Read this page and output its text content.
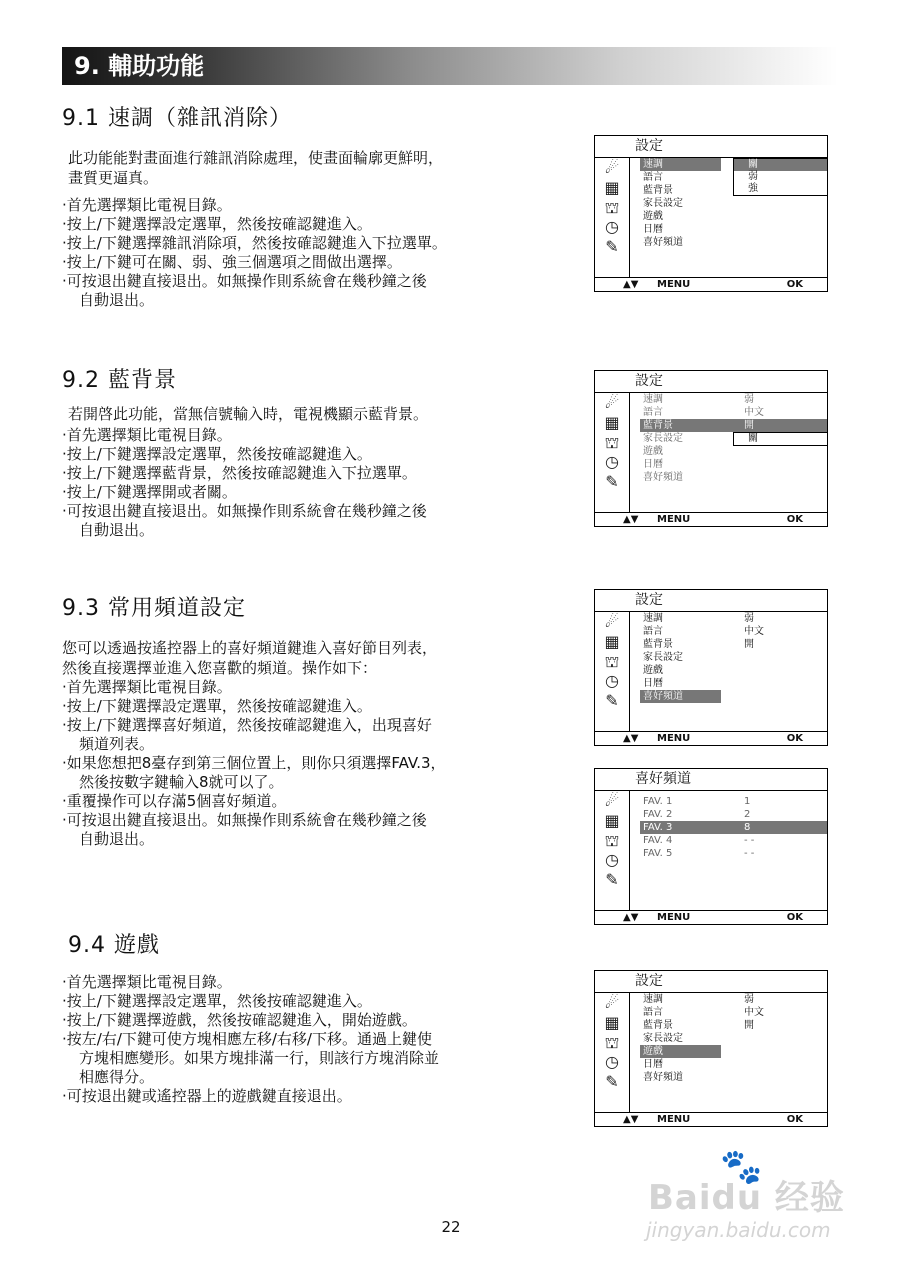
9. 輔助功能
9.1 速調（雜訊消除）

此功能能對畫面進行雜訊消除處理，使畫面輪廓更鮮明，
畫質更逼真。

·首先選擇類比電視目錄。
·按上/下鍵選擇設定選單，然後按確認鍵進入。
·按上/下鍵選擇雜訊消除項，然後按確認鍵進入下拉選單。
·按上/下鍵可在關、弱、強三個選項之間做出選擇。
·可按退出鍵直接退出。如無操作則系統會在幾秒鐘之後
自動退出。
9.2 藍背景

若開啓此功能，當無信號輸入時，電視機顯示藍背景。

·首先選擇類比電視目錄。
·按上/下鍵選擇設定選單，然後按確認鍵進入。
·按上/下鍵選擇藍背景，然後按確認鍵進入下拉選單。
·按上/下鍵選擇開或者關。
·可按退出鍵直接退出。如無操作則系統會在幾秒鐘之後
自動退出。
9.3 常用頻道設定

您可以透過按遙控器上的喜好頻道鍵進入喜好節目列表，
然後直接選擇並進入您喜歡的頻道。操作如下：

·首先選擇類比電視目錄。
·按上/下鍵選擇設定選單，然後按確認鍵進入。
·按上/下鍵選擇喜好頻道，然後按確認鍵進入，出現喜好
頻道列表。
·如果您想把8臺存到第三個位置上，則你只須選擇FAV.3，
然後按數字鍵輸入8就可以了。
·重覆操作可以存滿5個喜好頻道。
·可按退出鍵直接退出。如無操作則系統會在幾秒鐘之後
自動退出。
9.4 遊戲
·首先選擇類比電視目錄。
·按上/下鍵選擇設定選單，然後按確認鍵進入。
·按上/下鍵選擇遊戲，然後按確認鍵進入，開始遊戲。
·按左/右/下鍵可使方塊相應左移/右移/下移。通過上鍵使
方塊相應變形。如果方塊排滿一行，則該行方塊消除並
相應得分。
·可按退出鍵或遙控器上的遊戲鍵直接退出。
設定
☄
▦
⛫
◷
✎
速調
語言
藍背景
家長設定
遊戲
日曆
喜好頻道
關
弱
強
▲▼ MENU	OK
設定
☄
▦
⛫
◷
✎
速調	弱
語言	中文
藍背景	開
家長設定
遊戲
日曆
喜好頻道
關
▲▼ MENU	OK
設定
☄
▦
⛫
◷
✎
速調	弱
語言	中文
藍背景	開
家長設定
遊戲
日曆
喜好頻道
▲▼ MENU	OK
喜好頻道
☄
▦
⛫
◷
✎
FAV. 1	1
FAV. 2	2
FAV. 3	8
FAV. 4	- -
FAV. 5	- -
▲▼ MENU	OK
設定
☄
▦
⛫
◷
✎
速調	弱
語言	中文
藍背景	開
家長設定
遊戲
日曆
喜好頻道
▲▼ MENU	OK
🐾
Baidu 经验
jingyan.baidu.com
22
